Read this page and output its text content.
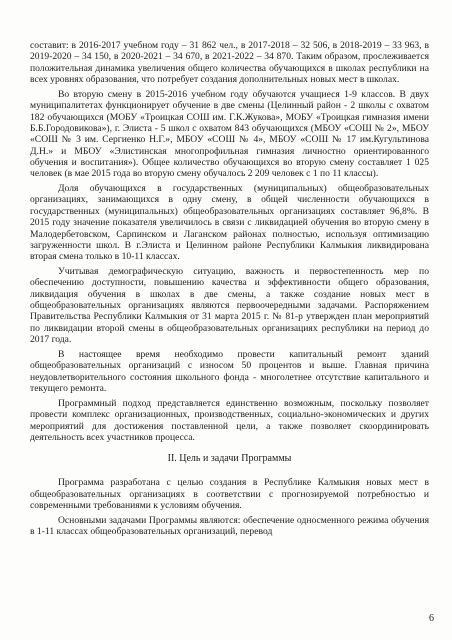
составит: в 2016-2017 учебном году – 31 862 чел., в 2017-2018 – 32 506, в 2018-2019 – 33 963, в 2019-2020 – 34 150, в 2020-2021 – 34 670, в 2021-2022 – 34 870. Таким образом, прослеживается положительная динамика увеличения общего количества обучающихся в школах республики на всех уровнях образования, что потребует создания дополнительных новых мест в школах.

Во вторую смену в 2015-2016 учебном году обучаются учащиеся 1-9 классов. В двух муниципалитетах функционирует обучение в две смены (Целинный район - 2 школы с охватом 182 обучающихся (МОБУ «Троицкая СОШ им. Г.К.Жукова», МОБУ «Троицкая гимназия имени Б.Б.Городовикова»), г. Элиста - 5 школ с охватом 843 обучающихся (МБОУ «СОШ № 2», МБОУ «СОШ № 3 им. Сергиенко Н.Г.», МБОУ «СОШ № 4», МБОУ «СОШ № 17 им.Кугультинова Д.Н.» и МБОУ «Элистинская многопрофильная гимназия личностно ориентированного обучения и воспитания»). Общее количество обучающихся во вторую смену составляет 1 025 человек (в мае 2015 года во вторую смену обучалось 2 209 человек с 1 по 11 классы).

Доля обучающихся в государственных (муниципальных) общеобразовательных организациях, занимающихся в одну смену, в общей численности обучающихся в государственных (муниципальных) общеобразовательных организациях составляет 96,8%. В 2015 году значение показателя увеличилось в связи с ликвидацией обучения во вторую смену в Малодербетовском, Сарпинском и Лаганском районах полностью, используя оптимизацию загруженности школ. В г.Элиста и Целинном районе Республики Калмыкия ликвидирована вторая смена только в 10-11 классах.

Учитывая демографическую ситуацию, важность и первостепенность мер по обеспечению доступности, повышению качества и эффективности общего образования, ликвидация обучения в школах в две смены, а также создание новых мест в общеобразовательных организациях являются первоочередными задачами. Распоряжением Правительства Республики Калмыкия от 31 марта 2015 г. № 81-р утвержден план мероприятий по ликвидации второй смены в общеобразовательных организациях республики на период до 2017 года.

В настоящее время необходимо провести капитальный ремонт зданий общеобразовательных организаций с износом 50 процентов и выше. Главная причина неудовлетворительного состояния школьного фонда - многолетнее отсутствие капитального и текущего ремонта.

Программный подход представляется единственно возможным, поскольку позволяет провести комплекс организационных, производственных, социально-экономических и других мероприятий для достижения поставленной цели, а также позволяет скоординировать деятельность всех участников процесса.

II. Цель и задачи Программы

Программа разработана с целью создания в Республике Калмыкия новых мест в общеобразовательных организациях в соответствии с прогнозируемой потребностью и современными требованиями к условиям обучения.

Основными задачами Программы являются: обеспечение односменного режима обучения в 1-11 классах общеобразовательных организаций, перевод

6
